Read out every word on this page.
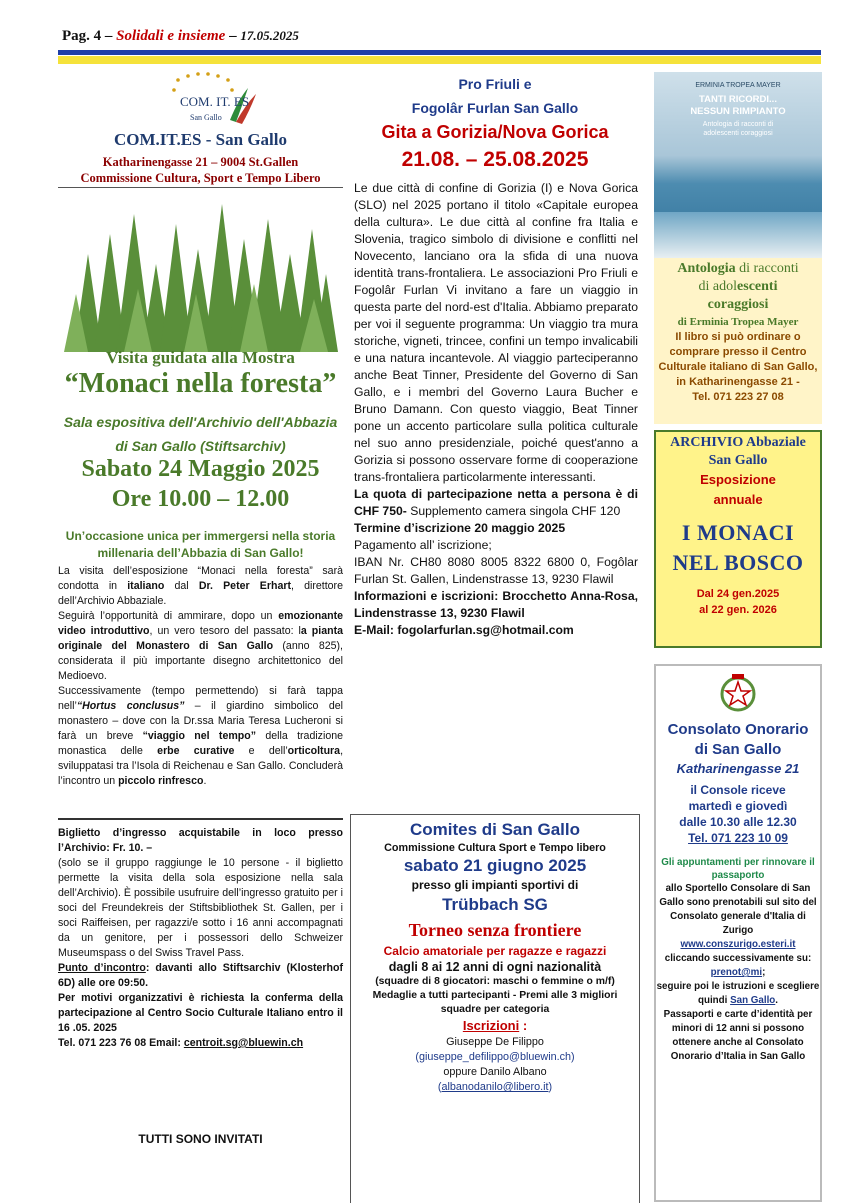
Pag. 4 – Solidali e insieme – 17.05.2025
COM. IT. ES
San Gallo
COM.IT.ES - San Gallo
Katharinengasse 21 – 9004 St.Gallen
Commissione Cultura, Sport e Tempo Libero
Visita guidata alla Mostra
“Monaci nella foresta”
Sala espositiva dell'Archivio dell'Abbazia
di San Gallo (Stiftsarchiv)
Sabato 24 Maggio 2025
Ore 10.00 – 12.00
Un’occasione unica per immergersi nella storia millenaria dell’Abbazia di San Gallo!

La visita dell’esposizione “Monaci nella foresta” sarà condotta in italiano dal Dr. Peter Erhart, direttore dell’Archivio Abbaziale.

Seguirà l’opportunità di ammirare, dopo un emozionante video introduttivo, un vero tesoro del passato: la pianta originale del Monastero di San Gallo (anno 825), considerata il più importante disegno architettonico del Medioevo.

Successivamente (tempo permettendo) si farà tappa nell’“Hortus conclusus” – il giardino simbolico del monastero – dove con la Dr.ssa Maria Teresa Lucheroni si farà un breve “viaggio nel tempo” della tradizione monastica delle erbe curative e dell’orticoltura, sviluppatasi tra l’Isola di Reichenau e San Gallo. Concluderà l’incontro un piccolo rinfresco.

Biglietto d’ingresso acquistabile in loco presso l’Archivio: Fr. 10. –

(solo se il gruppo raggiunge le 10 persone - il biglietto permette la visita della sola esposizione nella sala dell’Archivio). È possibile usufruire dell’ingresso gratuito per i soci del Freundekreis der Stiftsbibliothek St. Gallen, per i soci Raiffeisen, per ragazzi/e sotto i 16 anni accompagnati da un genitore, per i possessori dello Schweizer Museumspass o del Swiss Travel Pass.

Punto d’incontro: davanti allo Stiftsarchiv (Klosterhof 6D) alle ore 09:50.

Per motivi organizzativi è richiesta la conferma della partecipazione al Centro Socio Culturale Italiano entro il 16 .05. 2025

Tel. 071 223 76 08 Email: centroit.sg@bluewin.ch

TUTTI SONO INVITATI
Pro Friuli e
Fogolâr Furlan San Gallo
Gita a Gorizia/Nova Gorica
21.08. – 25.08.2025

Le due città di confine di Gorizia (I) e Nova Gorica (SLO) nel 2025 portano il titolo «Capitale europea della cultura». Le due città al confine fra Italia e Slovenia, tragico simbolo di divisione e conflitti nel Novecento, lanciano ora la sfida di una nuova identità trans-frontaliera. Le associazioni Pro Friuli e Fogolâr Furlan Vi invitano a fare un viaggio in questa parte del nord-est d'Italia. Abbiamo preparato per voi il seguente programma: Un viaggio tra mura storiche, vigneti, trincee, confini un tempo invalicabili e una natura incantevole. Al viaggio parteciperanno anche Beat Tinner, Presidente del Governo di San Gallo, e i membri del Governo Laura Bucher e Bruno Damann. Con questo viaggio, Beat Tinner pone un accento particolare sulla politica culturale nel suo anno presidenziale, poiché quest'anno a Gorizia si possono osservare forme di cooperazione trans-frontaliera particolarmente interessanti.

La quota di partecipazione netta a persona è di CHF 750- Supplemento camera singola CHF 120

Termine d’iscrizione 20 maggio 2025

Pagamento all’ iscrizione;

IBAN Nr. CH80 8080 8005 8322 6800 0, Fogôlar Furlan St. Gallen, Lindenstrasse 13, 9230 Flawil

Informazioni e iscrizioni: Brocchetto Anna-Rosa, Lindenstrasse 13, 9230 Flawil

E-Mail: fogolarfurlan.sg@hotmail.com

Comites di San Gallo
Commissione Cultura Sport e Tempo libero
sabato 21 giugno 2025
presso gli impianti sportivi di
Trübbach SG
Torneo senza frontiere
Calcio amatoriale per ragazze e ragazzi
dagli 8 ai 12 anni di ogni nazionalità
(squadre di 8 giocatori: maschi o femmine o m/f)
Medaglie a tutti partecipanti - Premi alle 3 migliori squadre per categoria
Iscrizioni :
Giuseppe De Filippo
(giuseppe_defilippo@bluewin.ch)
oppure Danilo Albano
(albanodanilo@libero.it)
ERMINIA TROPEA MAYER
TANTI RICORDI...
NESSUN RIMPIANTO
Antologia di racconti di
adolescenti coraggiosi
Antologia di racconti
di adolescenti
coraggiosi
di Erminia Tropea Mayer
Il libro si può ordinare o comprare presso il Centro Culturale italiano di San Gallo,
in Katharinengasse 21 -
Tel. 071 223 27 08
ARCHIVIO Abbaziale
San Gallo
Esposizione
annuale
I MONACI
NEL BOSCO
Dal 24 gen.2025
al 22 gen. 2026
Consolato Onorario
di San Gallo
Katharinengasse 21
il Console riceve
martedì e giovedì
dalle 10.30 alle 12.30
Tel. 071 223 10 09
Gli appuntamenti per rinnovare il passaporto
allo Sportello Consolare di San Gallo sono prenotabili sul sito del Consolato generale d'Italia di Zurigo
www.conszurigo.esteri.it
cliccando successivamente su:
prenot@mi;
seguire poi le istruzioni e scegliere quindi San Gallo.
Passaporti e carte d’identità per minori di 12 anni si possono ottenere anche al Consolato Onorario d’Italia in San Gallo
